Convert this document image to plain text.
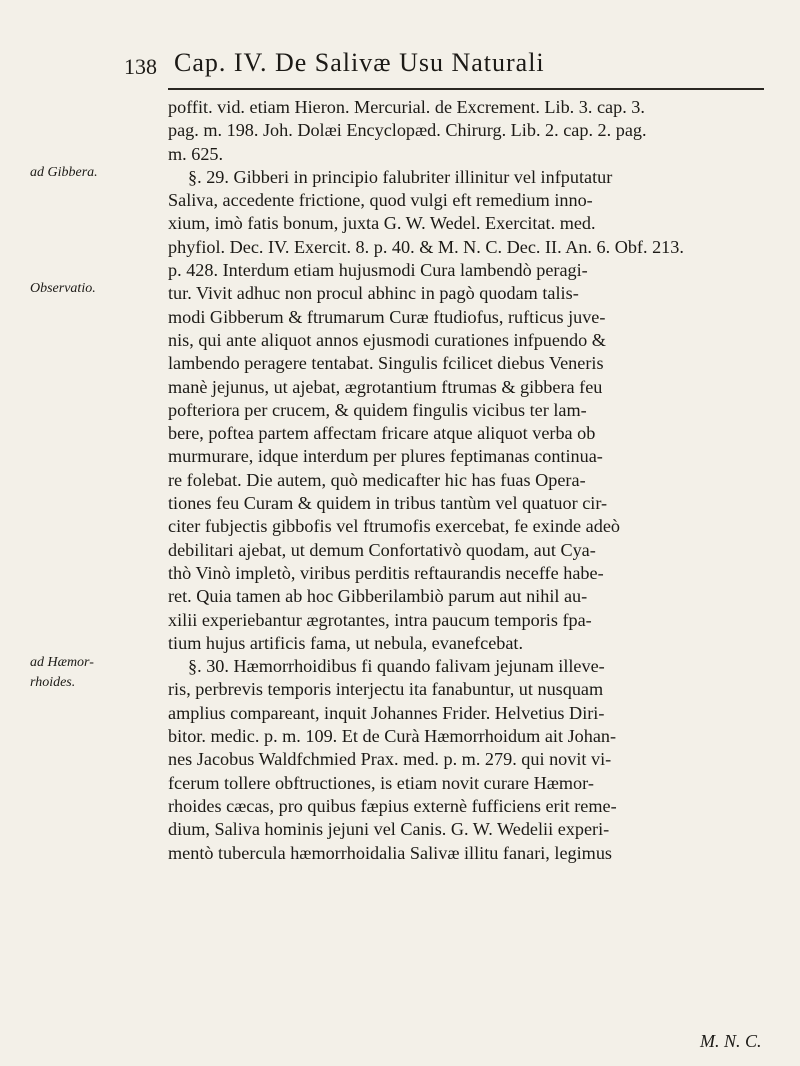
138 Cap. IV. De Salivæ Usu Naturali
ad Gibbera.
Observatio.
ad Hæmor-
rhoides.
poffit. vid. etiam Hieron. Mercurial. de Excrement. Lib. 3. cap. 3.
pag. m. 198. Joh. Dolæi Encyclopæd. Chirurg. Lib. 2. cap. 2. pag.
m. 625.
§. 29. Gibberi in principio falubriter illinitur vel infputatur
Saliva, accedente frictione, quod vulgi eft remedium inno-
xium, imò fatis bonum, juxta G. W. Wedel. Exercitat. med.
phyfiol. Dec. IV. Exercit. 8. p. 40. & M. N. C. Dec. II. An. 6. Obf. 213.
p. 428. Interdum etiam hujusmodi Cura lambendò peragi-
tur. Vivit adhuc non procul abhinc in pagò quodam talis-
modi Gibberum & ftrumarum Curæ ftudiofus, rufticus juve-
nis, qui ante aliquot annos ejusmodi curationes infpuendo &
lambendo peragere tentabat. Singulis fcilicet diebus Veneris
manè jejunus, ut ajebat, ægrotantium ftrumas & gibbera feu
pofteriora per crucem, & quidem fingulis vicibus ter lam-
bere, poftea partem affectam fricare atque aliquot verba ob
murmurare, idque interdum per plures feptimanas continua-
re folebat. Die autem, quò medicafter hic has fuas Opera-
tiones feu Curam & quidem in tribus tantùm vel quatuor cir-
citer fubjectis gibbofis vel ftrumofis exercebat, fe exinde adeò
debilitari ajebat, ut demum Confortativò quodam, aut Cya-
thò Vinò impletò, viribus perditis reftaurandis neceffe habe-
ret. Quia tamen ab hoc Gibberilambiò parum aut nihil au-
xilii experiebantur ægrotantes, intra paucum temporis fpa-
tium hujus artificis fama, ut nebula, evanefcebat.
§. 30. Hæmorrhoidibus fi quando falivam jejunam illeve-
ris, perbrevis temporis interjectu ita fanabuntur, ut nusquam
amplius compareant, inquit Johannes Frider. Helvetius Diri-
bitor. medic. p. m. 109. Et de Curà Hæmorrhoidum ait Johan-
nes Jacobus Waldfchmied Prax. med. p. m. 279. qui novit vi-
fcerum tollere obftructiones, is etiam novit curare Hæmor-
rhoides cæcas, pro quibus fæpius externè fufficiens erit reme-
dium, Saliva hominis jejuni vel Canis. G. W. Wedelii experi-
mentò tubercula hæmorrhoidalia Salivæ illitu fanari, legimus
M. N. C.
